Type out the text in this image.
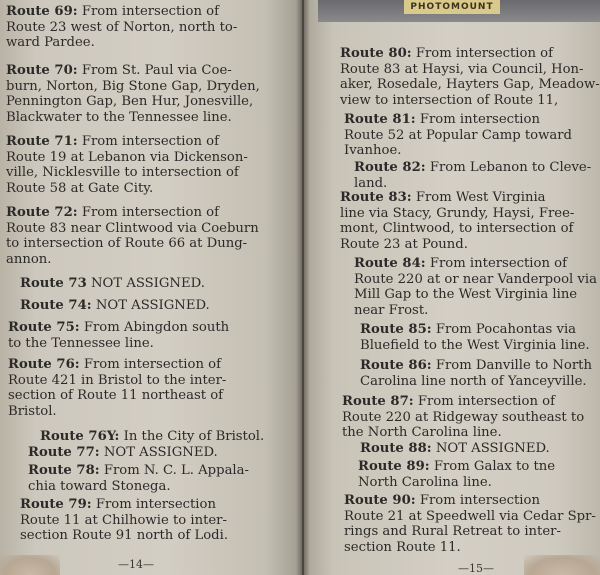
Route 69: From intersection of
Route 23 west of Norton, north to-
ward Pardee.
Route 70: From St. Paul via Coe-
burn, Norton, Big Stone Gap, Dryden,
Pennington Gap, Ben Hur, Jonesville,
Blackwater to the Tennessee line.
Route 71: From intersection of
Route 19 at Lebanon via Dickenson-
ville, Nicklesville to intersection of
Route 58 at Gate City.
Route 72: From intersection of
Route 83 near Clintwood via Coeburn
to intersection of Route 66 at Dung-
annon.
Route 73 NOT ASSIGNED.
Route 74: NOT ASSIGNED.
Route 75: From Abingdon south
to the Tennessee line.
Route 76: From intersection of
Route 421 in Bristol to the inter-
section of Route 11 northeast of
Bristol.
Route 76Y: In the City of Bristol.
Route 77: NOT ASSIGNED.
Route 78: From N. C. L. Appala-
chia toward Stonega.
Route 79: From intersection
Route 11 at Chilhowie to inter-
section Route 91 north of Lodi.
—14—
Route 80: From intersection of
Route 83 at Haysi, via Council, Hon-
aker, Rosedale, Hayters Gap, Meadow-
view to intersection of Route 11,
Route 81: From intersection
Route 52 at Popular Camp toward
Ivanhoe.
Route 82: From Lebanon to Cleve-
land.
Route 83: From West Virginia
line via Stacy, Grundy, Haysi, Free-
mont, Clintwood, to intersection of
Route 23 at Pound.
Route 84: From intersection of
Route 220 at or near Vanderpool via
Mill Gap to the West Virginia line
near Frost.
Route 85: From Pocahontas via
Bluefield to the West Virginia line.
Route 86: From Danville to North
Carolina line north of Yanceyville.
Route 87: From intersection of
Route 220 at Ridgeway southeast to
the North Carolina line.
Route 88: NOT ASSIGNED.
Route 89: From Galax to tne
North Carolina line.
Route 90: From intersection
Route 21 at Speedwell via Cedar Spr-
rings and Rural Retreat to inter-
section Route 11.
—15—
PHOTOMOUNT
